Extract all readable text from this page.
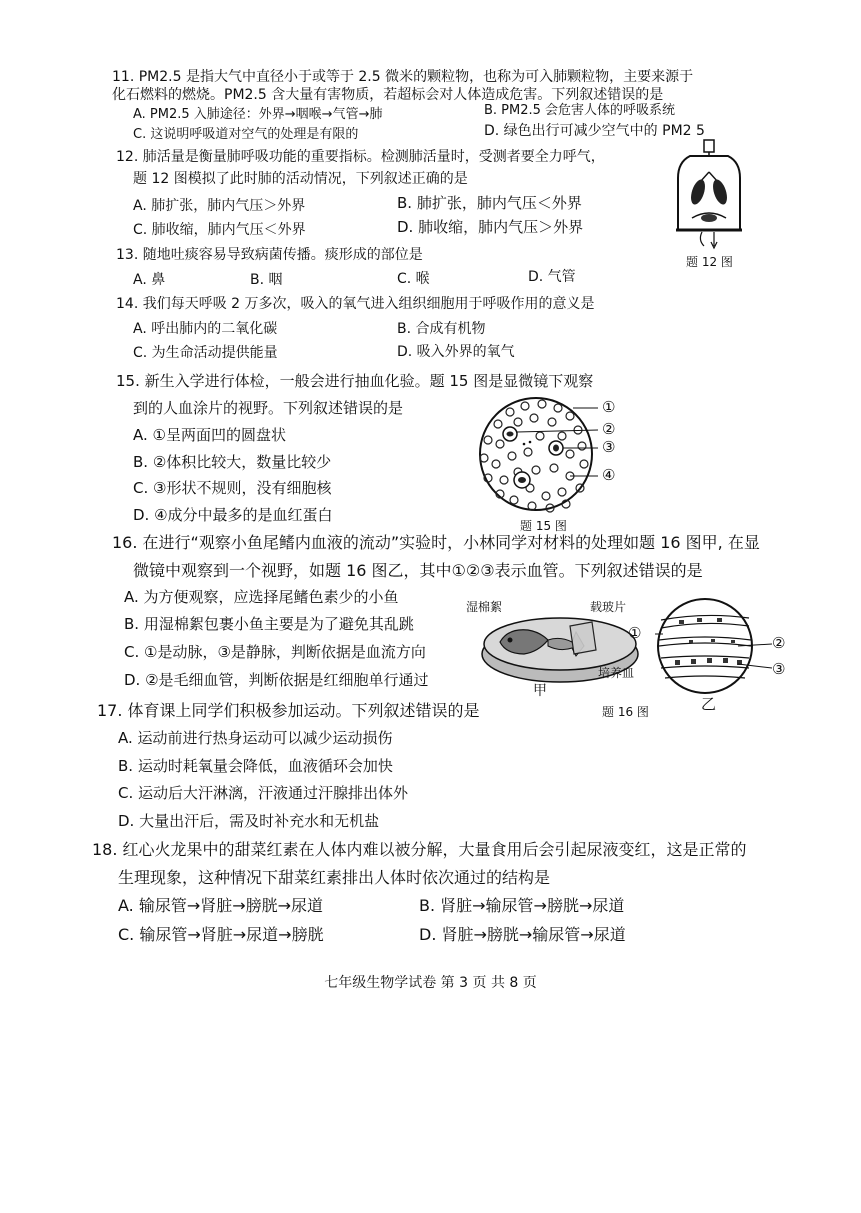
11. PM2.5 是指大气中直径小于或等于 2.5 微米的颗粒物，也称为可入肺颗粒物，主要来源于
化石燃料的燃烧。PM2.5 含大量有害物质，若超标会对人体造成危害。下列叙述错误的是
A. PM2.5 入肺途径：外界→咽喉→气管→肺	B. PM2.5 会危害人体的呼吸系统
C. 这说明呼吸道对空气的处理是有限的	D. 绿色出行可减少空气中的 PM2 5
12. 肺活量是衡量肺呼吸功能的重要指标。检测肺活量时，受测者要全力呼气，
题 12 图模拟了此时肺的活动情况，下列叙述正确的是
A. 肺扩张，肺内气压＞外界	B. 肺扩张，肺内气压＜外界
C. 肺收缩，肺内气压＜外界	D. 肺收缩，肺内气压＞外界
题 12 图
13. 随地吐痰容易导致病菌传播。痰形成的部位是
A. 鼻	B. 咽	C. 喉	D. 气管
14. 我们每天呼吸 2 万多次，吸入的氧气进入组织细胞用于呼吸作用的意义是
A. 呼出肺内的二氧化碳	B. 合成有机物
C. 为生命活动提供能量	D. 吸入外界的氧气
15. 新生入学进行体检，一般会进行抽血化验。题 15 图是显微镜下观察
到的人血涂片的视野。下列叙述错误的是
A. ①呈两面凹的圆盘状
B. ②体积比较大，数量比较少
C. ③形状不规则，没有细胞核
D. ④成分中最多的是血红蛋白
①
②
③
④
题 15 图
16. 在进行“观察小鱼尾鳍内血液的流动”实验时，小林同学对材料的处理如题 16 图甲, 在显
微镜中观察到一个视野，如题 16 图乙，其中①②③表示血管。下列叙述错误的是
A. 为方便观察，应选择尾鳍色素少的小鱼
B. 用湿棉絮包裹小鱼主要是为了避免其乱跳
C. ①是动脉，③是静脉，判断依据是血流方向
D. ②是毛细血管，判断依据是红细胞单行通过
湿棉絮	载玻片
培养皿
甲
①
②
③
题 16 图	乙
17. 体育课上同学们积极参加运动。下列叙述错误的是
A. 运动前进行热身运动可以减少运动损伤
B. 运动时耗氧量会降低，血液循环会加快
C. 运动后大汗淋漓，汗液通过汗腺排出体外
D. 大量出汗后，需及时补充水和无机盐
18. 红心火龙果中的甜菜红素在人体内难以被分解，大量食用后会引起尿液变红，这是正常的
生理现象，这种情况下甜菜红素排出人体时依次通过的结构是
A. 输尿管→肾脏→膀胱→尿道	B. 肾脏→输尿管→膀胱→尿道
C. 输尿管→肾脏→尿道→膀胱	D. 肾脏→膀胱→输尿管→尿道
七年级生物学试卷 第 3 页 共 8 页
